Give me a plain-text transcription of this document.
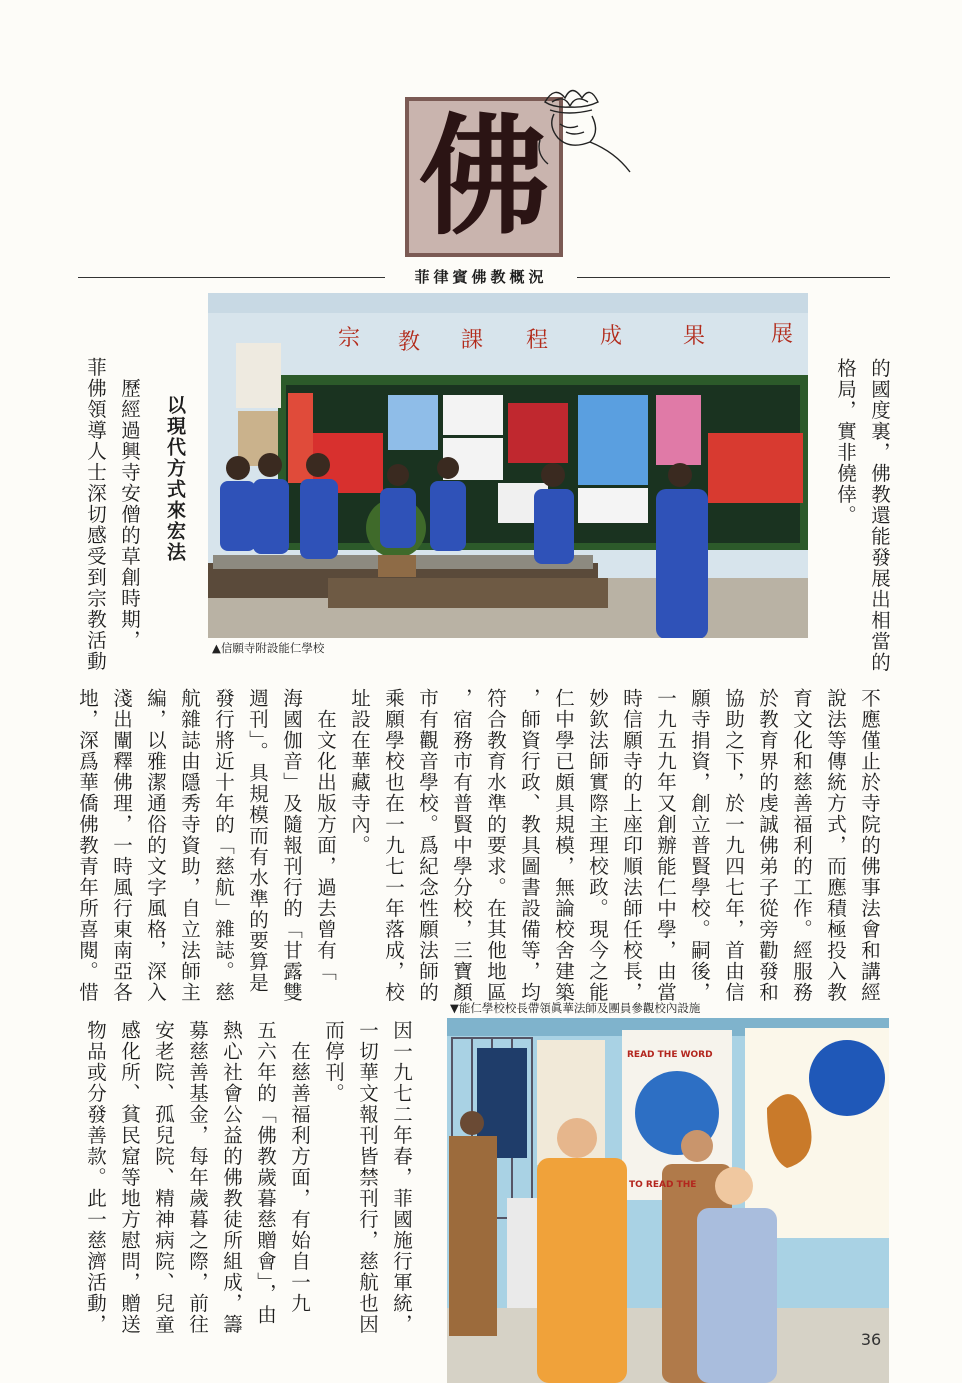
佛
菲律賓佛教概況

的國度裏，佛教還能發展出相當的
格局，實非僥倖。

以現代方式來宏法

　歷經過興寺安僧的草創時期，
菲佛領導人士深切感受到宗教活動

宗 教 課 程 成	果	展
▲信願寺附設能仁學校

不應僅止於寺院的佛事法會和講經
說法等傳統方式，而應積極投入教
育文化和慈善福利的工作。經服務
於教育界的虔誠佛弟子從旁勸發和
協助之下，於一九四七年，首由信
願寺捐資，創立普賢學校。嗣後，
一九五九年又創辦能仁中學，由當
時信願寺的上座印順法師任校長，
妙欽法師實際主理校政。現今之能
仁中學已頗具規模，無論校舍建築
，師資行政、教具圖書設備等，均
符合教育水準的要求。在其他地區
，宿務市有普賢中學分校，三寶顏
市有觀音學校。爲紀念性願法師的
乘願學校也在一九七一年落成，校
址設在華藏寺內。
　在文化出版方面，過去曾有「
海國伽音」及隨報刊行的「甘露雙
週刊」。具規模而有水準的要算是
發行將近十年的「慈航」雜誌。慈
航雜誌由隱秀寺資助，自立法師主
編，以雅潔通俗的文字風格，深入
淺出闡釋佛理，一時風行東南亞各
地，深爲華僑佛教青年所喜閱。惜

▼能仁學校校長帶領眞華法師及團員參觀校內設施
READ THE WORD
TO READ THE

因一九七二年春，菲國施行軍統，
一切華文報刊皆禁刊行，慈航也因
而停刊。
　在慈善福利方面，有始自一九
五六年的「佛教歲暮慈贈會」，由
熱心社會公益的佛教徒所組成，籌
募慈善基金，每年歲暮之際，前往
安老院、孤兒院、精神病院、兒童
感化所、貧民窟等地方慰問，贈送
物品或分發善款。此一慈濟活動，

36
